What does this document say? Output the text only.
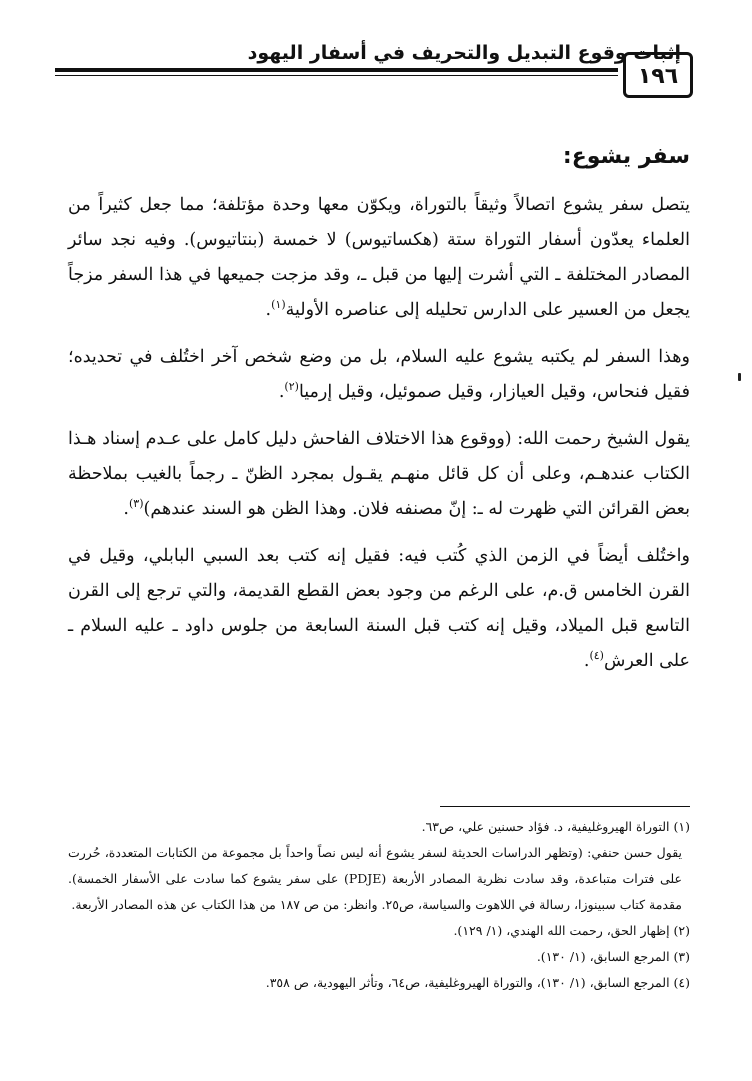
إثبات وقوع التبديل والتحريف في أسفار اليهود
١٩٦
سفر يشوع:

يتصل سفر يشوع اتصالاً وثيقاً بالتوراة، ويكوّن معها وحدة مؤتلفة؛ مما جعل كثيراً من العلماء يعدّون أسفار التوراة ستة (هكساتيوس) لا خمسة (بنتاتيوس). وفيه نجد سائر المصادر المختلفة ـ التي أشرت إليها من قبل ـ، وقد مزجت جميعها في هذا السفر مزجاً يجعل من العسير على الدارس تحليله إلى عناصره الأولية$^{(١)}$.

وهذا السفر لم يكتبه يشوع عليه السلام، بل من وضع شخص آخر اختُلف في تحديده؛ فقيل فنحاس، وقيل العيازار، وقيل صموئيل، وقيل إرميا$^{(٢)}$.

يقول الشيخ رحمت الله: (ووقوع هذا الاختلاف الفاحش دليل كامل على عـدم إسناد هـذا الكتاب عندهـم، وعلى أن كل قائل منهـم يقـول بمجرد الظنّ ـ رجماً بالغيب بملاحظة بعض القرائن التي ظهرت له ـ: إنّ مصنفه فلان. وهذا الظن هو السند عندهم)$^{(٣)}$.

واختُلف أيضاً في الزمن الذي كُتب فيه: فقيل إنه كتب بعد السبي البابلي، وقيل في القرن الخامس ق.م، على الرغم من وجود بعض القطع القديمة، والتي ترجع إلى القرن التاسع قبل الميلاد، وقيل إنه كتب قبل السنة السابعة من جلوس داود ـ عليه السلام ـ على العرش$^{(٤)}$.

(١) التوراة الهيروغليفية، د. فؤاد حسنين علي، ص٦٣.

يقول حسن حنفي: (وتظهر الدراسات الحديثة لسفر يشوع أنه ليس نصاً واحداً بل مجموعة من الكتابات المتعددة، حُررت على فترات متباعدة، وقد سادت نظرية المصادر الأربعة (PDJE) على سفر يشوع كما سادت على الأسفار الخمسة). مقدمة كتاب سبينوزا، رسالة في اللاهوت والسياسة، ص٢٥. وانظر: من ص ١٨٧ من هذا الكتاب عن هذه المصادر الأربعة.

(٢) إظهار الحق، رحمت الله الهندي، (١/ ١٢٩).

(٣) المرجع السابق، (١/ ١٣٠).

(٤) المرجع السابق، (١/ ١٣٠)، والتوراة الهيروغليفية، ص٦٤، وتأثر اليهودية، ص ٣٥٨.
